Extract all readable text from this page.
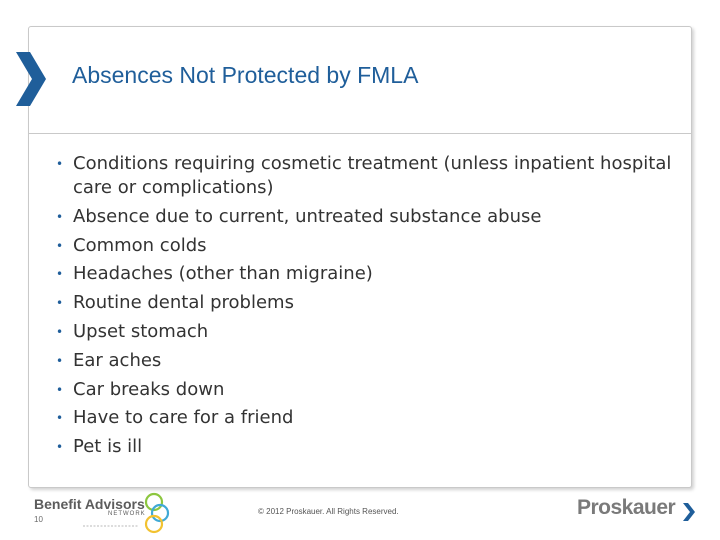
Absences Not Protected by FMLA
• Conditions requiring cosmetic treatment (unless inpatient hospital care or complications)
• Absence due to current, untreated substance abuse
• Common colds
• Headaches (other than migraine)
• Routine dental problems
• Upset stomach
• Ear aches
• Car breaks down
• Have to care for a friend
• Pet is ill
Benefit Advisors
NETWORK
10
© 2012 Proskauer. All Rights Reserved.	Proskauer
